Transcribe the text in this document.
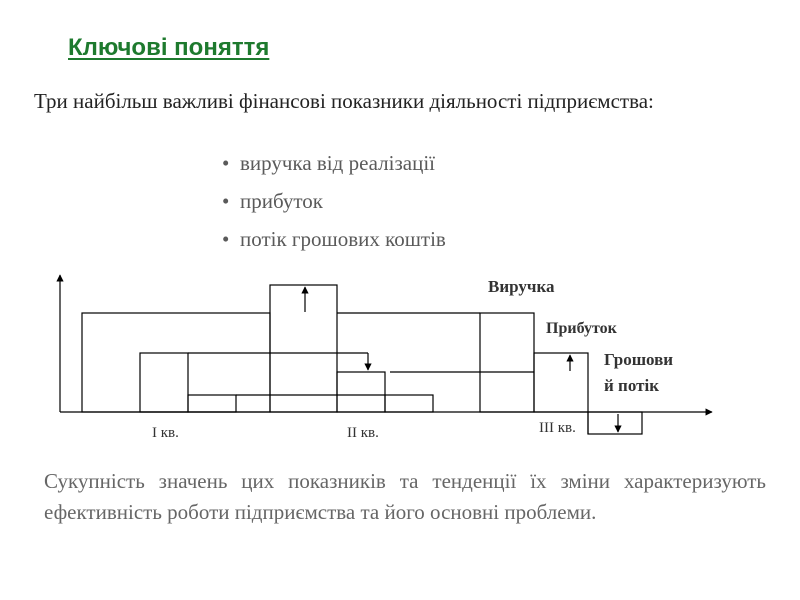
Ключові поняття
Три найбільш важливі фінансові показники діяльності підприємства:
• виручка від реалізації
• прибуток
• потік грошових коштів
Виручка
Прибуток
Грошови
й потік
I кв.	II кв.	III кв.
Сукупність значень цих показників та тенденції їх зміни характеризують ефективність роботи підприємства та його основні проблеми.
